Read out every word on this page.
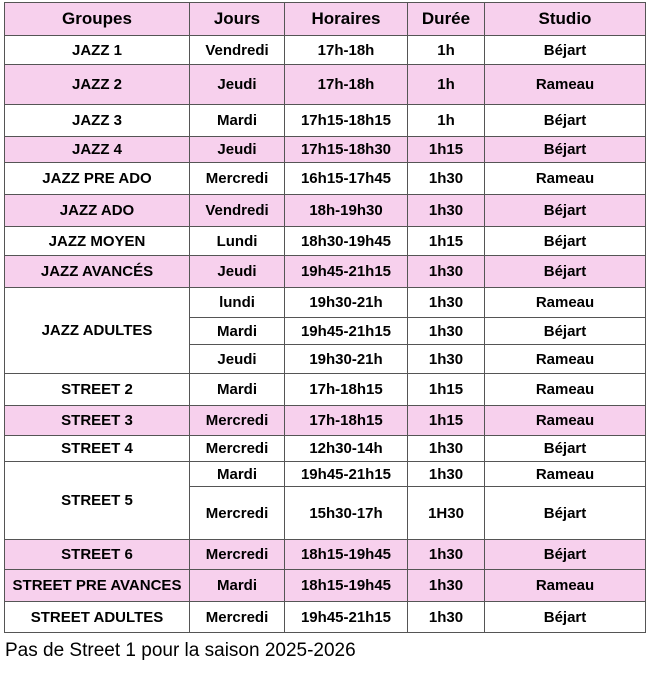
Groupes	Jours	Horaires	Durée	Studio
JAZZ 1	Vendredi	17h-18h	1h	Béjart
JAZZ 2	Jeudi	17h-18h	1h	Rameau
JAZZ 3	Mardi	17h15-18h15	1h	Béjart
JAZZ 4	Jeudi	17h15-18h30	1h15	Béjart
JAZZ PRE ADO	Mercredi	16h15-17h45	1h30	Rameau
JAZZ ADO	Vendredi	18h-19h30	1h30	Béjart
JAZZ MOYEN	Lundi	18h30-19h45	1h15	Béjart
JAZZ AVANCÉS	Jeudi	19h45-21h15	1h30	Béjart
JAZZ ADULTES	lundi	19h30-21h	1h30	Rameau
	Mardi	19h45-21h15	1h30	Béjart
	Jeudi	19h30-21h	1h30	Rameau
STREET 2	Mardi	17h-18h15	1h15	Rameau
STREET 3	Mercredi	17h-18h15	1h15	Rameau
STREET 4	Mercredi	12h30-14h	1h30	Béjart
STREET 5	Mardi	19h45-21h15	1h30	Rameau
	Mercredi	15h30-17h	1H30	Béjart
STREET 6	Mercredi	18h15-19h45	1h30	Béjart
STREET PRE AVANCES	Mardi	18h15-19h45	1h30	Rameau
STREET ADULTES	Mercredi	19h45-21h15	1h30	Béjart
Pas de Street 1 pour la saison 2025-2026
